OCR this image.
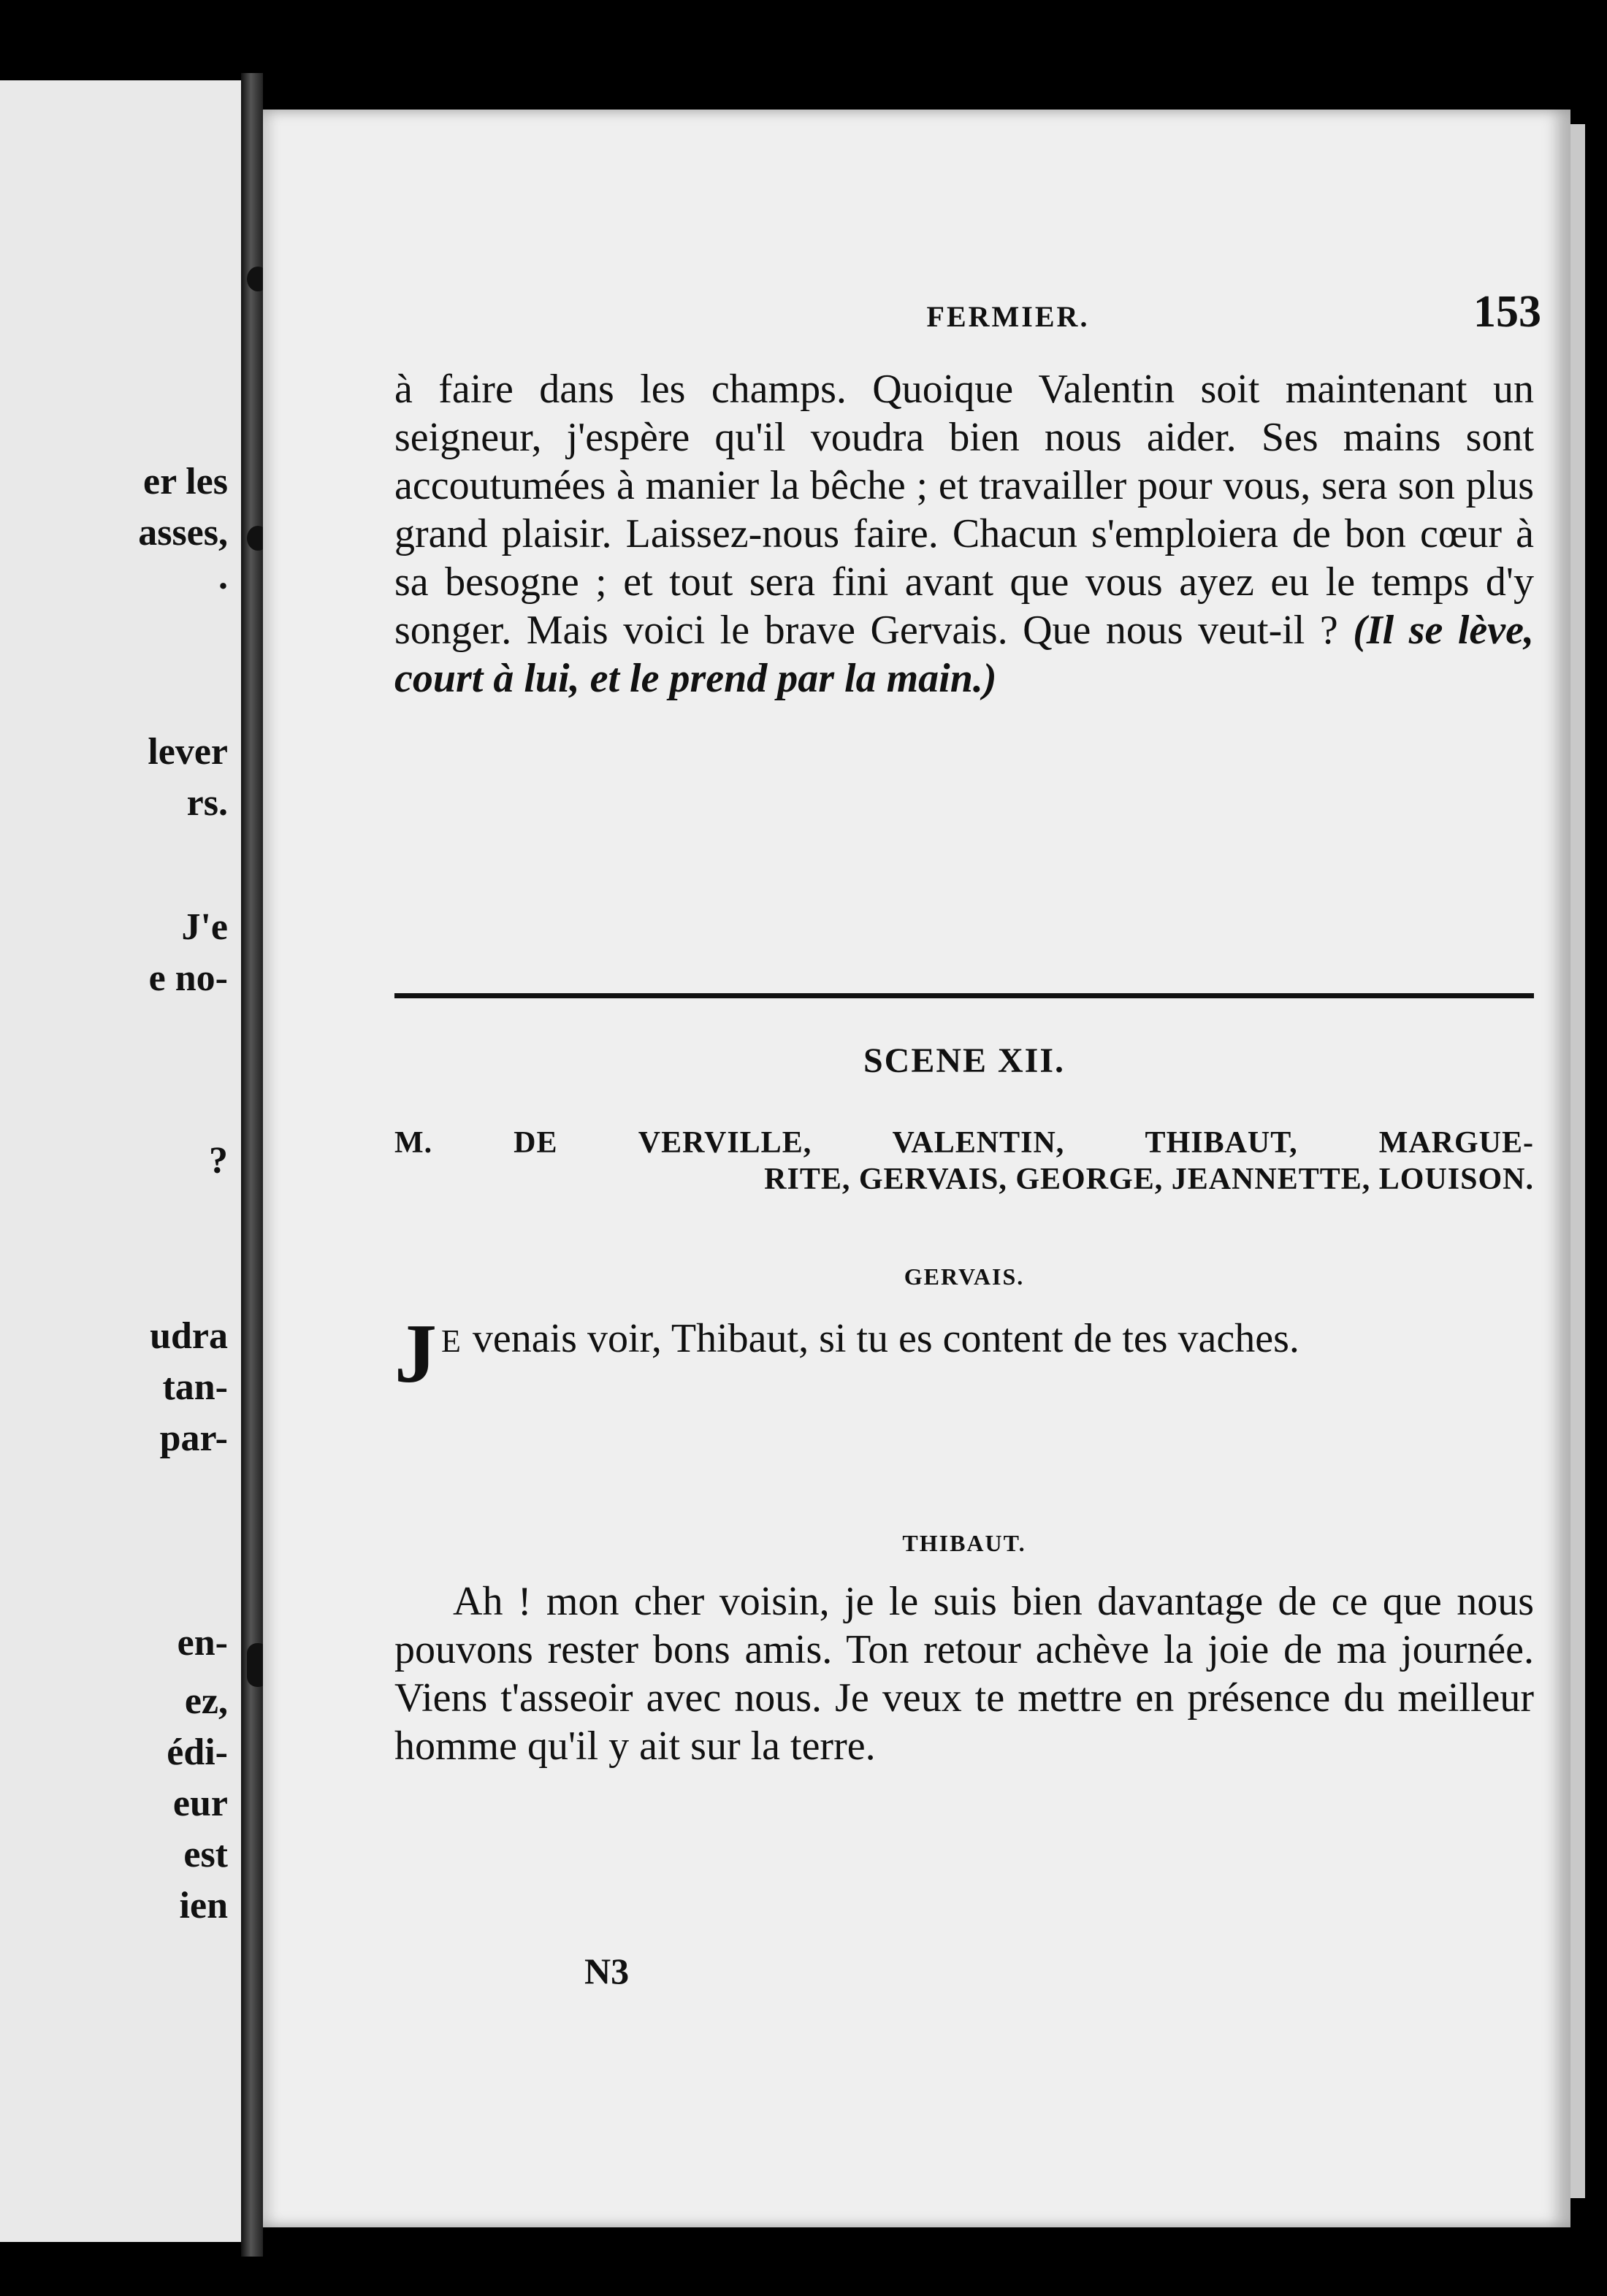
er les
asses,
.
lever
rs.
J'e
e no-
?
udra
tan-
par-
en-
ez,
édi-
eur
est
ien
FERMIER.	153
à faire dans les champs. Quoique Valentin soit maintenant un seigneur, j'espère qu'il voudra bien nous aider. Ses mains sont accoutumées à manier la bêche ; et travailler pour vous, sera son plus grand plaisir. Laissez-nous faire. Chacun s'emploiera de bon cœur à sa besogne ; et tout sera fini avant que vous ayez eu le temps d'y songer. Mais voici le brave Gervais. Que nous veut-il ? (Il se lève, court à lui, et le prend par la main.)
SCENE XII.
M. DE VERVILLE, VALENTIN, THIBAUT, MARGUE-
RITE, GERVAIS, GEORGE, JEANNETTE, LOUISON.
GERVAIS.
J E venais voir, Thibaut, si tu es content de tes vaches.
THIBAUT.
Ah ! mon cher voisin, je le suis bien davantage de ce que nous pouvons rester bons amis. Ton retour achève la joie de ma journée. Viens t'asseoir avec nous. Je veux te mettre en présence du meilleur homme qu'il y ait sur la terre.
N3
